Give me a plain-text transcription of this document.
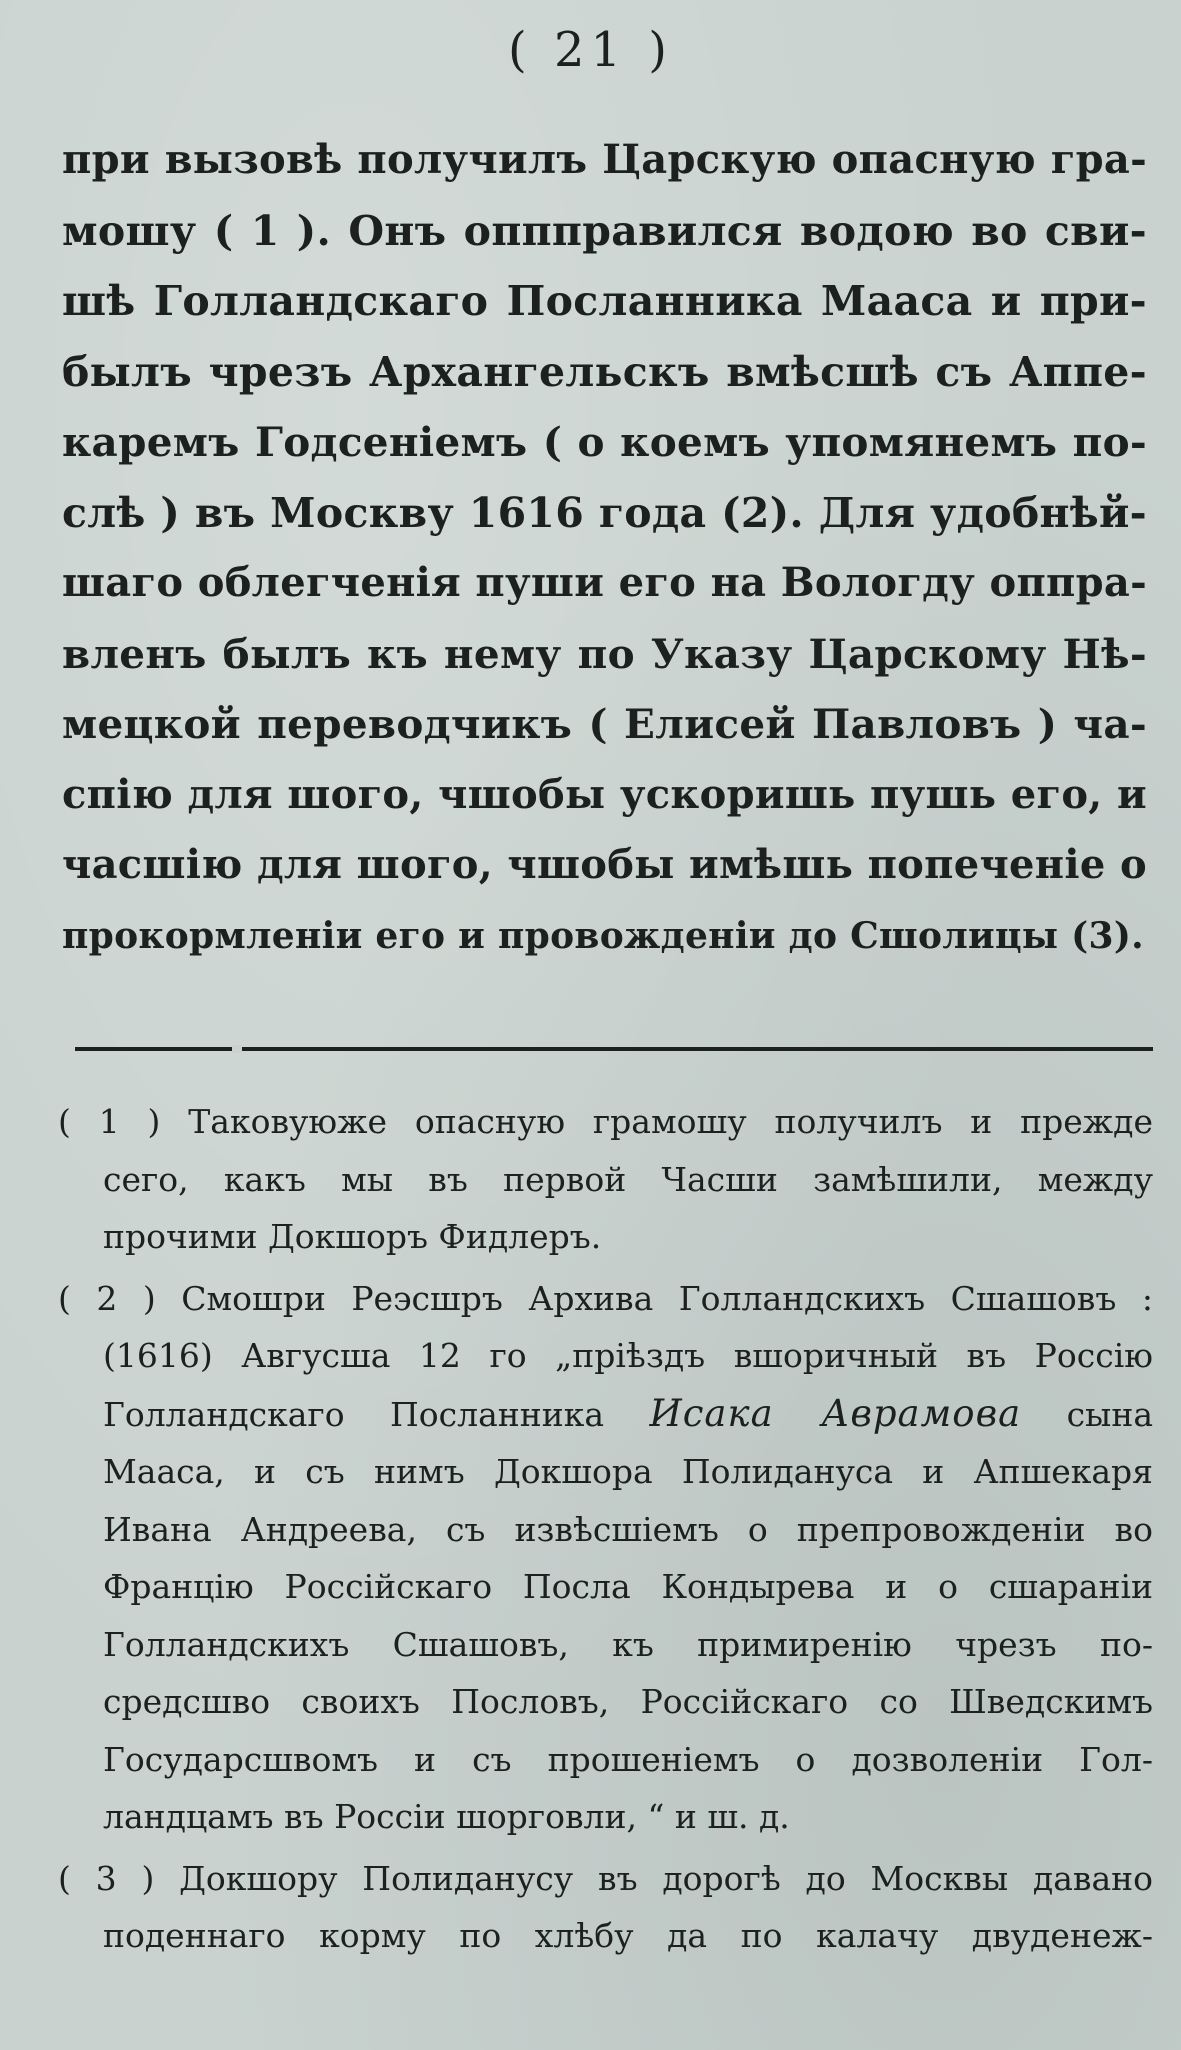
( 21 )
при вызовѣ получилъ Царскую опасную гра-
мошу ( 1 ). Онъ оппправился водою во сви-
шѣ Голландскаго Посланника Мааса и при-
былъ чрезъ Архангельскъ вмѣсшѣ съ Аппе-
каремъ Годсеніемъ ( о коемъ упомянемъ по-
слѣ ) въ Москву 1616 года (2). Для удобнѣй-
шаго облегченія пуши его на Вологду оппра-
вленъ былъ къ нему по Указу Царскому Нѣ-
мецкой переводчикъ ( Елисей Павловъ ) ча-
спію для шого, чшобы ускоришь пушь его, и
часшію для шого, чшобы имѣшь попеченіе о
прокормленіи его и провожденіи до Сшолицы (3).
( 1 ) Таковуюже опасную грамошу получилъ и прежде
сего, какъ мы въ первой Часши замѣшили, между
прочими Докшоръ Фидлеръ.
( 2 ) Смошри Реэсшръ Архива Голландскихъ Сшашовъ :
(1616) Авгусша 12 го „пріѣздъ вшоричный въ Россію
Голландскаго Посланника Исака Аврамова сына
Мааса, и съ нимъ Докшора Полидануса и Апшекаря
Ивана Андреева, съ извѣсшіемъ о препровожденіи во
Францію Россійскаго Посла Кондырева и о сшараніи
Голландскихъ Сшашовъ, къ примиренію чрезъ по-
средсшво своихъ Пословъ, Россійскаго со Шведскимъ
Государсшвомъ и съ прошеніемъ о дозволеніи Гол-
ландцамъ въ Россіи шорговли, “ и ш. д.
( 3 ) Докшору Полиданусу въ дорогѣ до Москвы давано
поденнаго корму по хлѣбу да по калачу двуденеж-
